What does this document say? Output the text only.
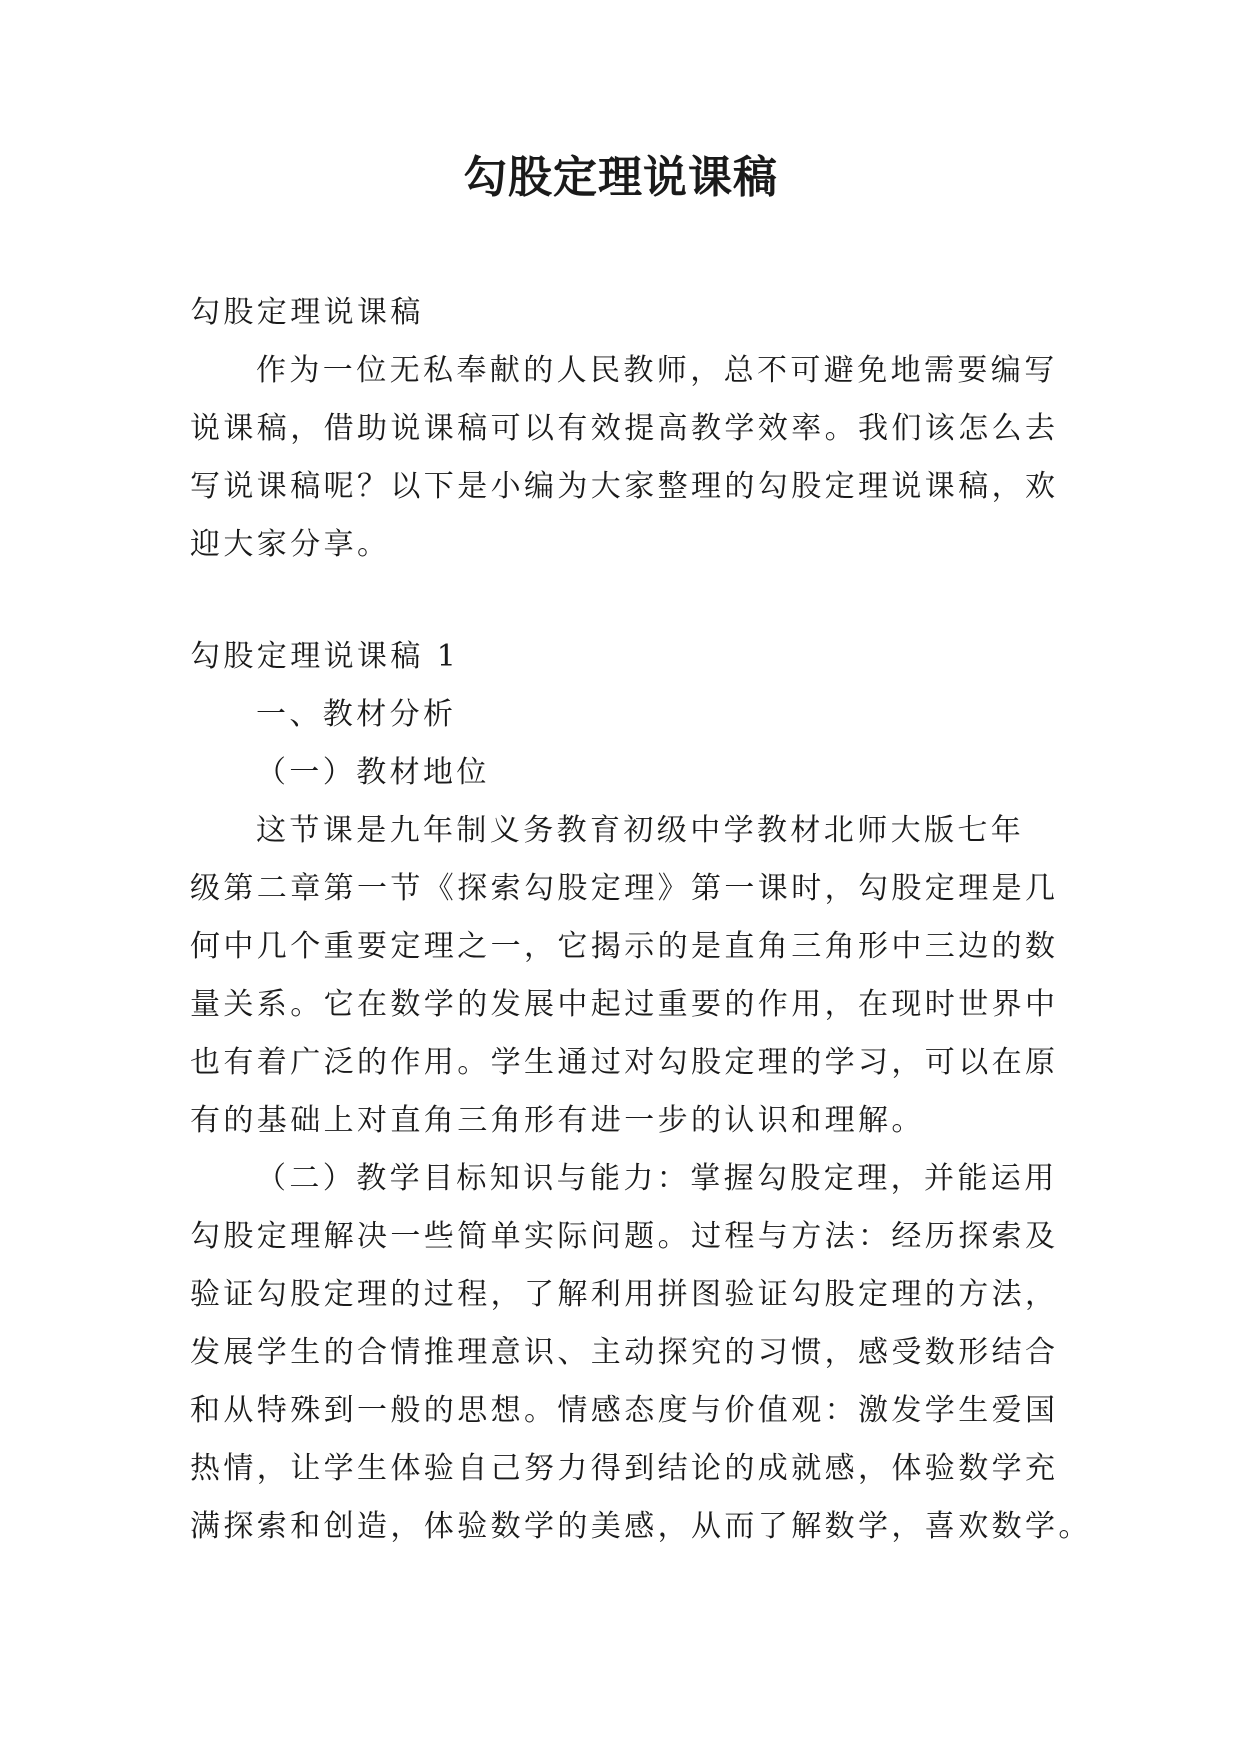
勾股定理说课稿
勾股定理说课稿
作为一位无私奉献的人民教师，总不可避免地需要编写
说课稿，借助说课稿可以有效提高教学效率。我们该怎么去
写说课稿呢？以下是小编为大家整理的勾股定理说课稿，欢
迎大家分享。
勾股定理说课稿 1
一、教材分析
（一）教材地位
这节课是九年制义务教育初级中学教材北师大版七年
级第二章第一节《探索勾股定理》第一课时，勾股定理是几
何中几个重要定理之一，它揭示的是直角三角形中三边的数
量关系。它在数学的发展中起过重要的作用，在现时世界中
也有着广泛的作用。学生通过对勾股定理的学习，可以在原
有的基础上对直角三角形有进一步的认识和理解。
（二）教学目标知识与能力：掌握勾股定理，并能运用
勾股定理解决一些简单实际问题。过程与方法：经历探索及
验证勾股定理的过程，了解利用拼图验证勾股定理的方法，
发展学生的合情推理意识、主动探究的习惯，感受数形结合
和从特殊到一般的思想。情感态度与价值观：激发学生爱国
热情，让学生体验自己努力得到结论的成就感，体验数学充
满探索和创造，体验数学的美感，从而了解数学，喜欢数学。
